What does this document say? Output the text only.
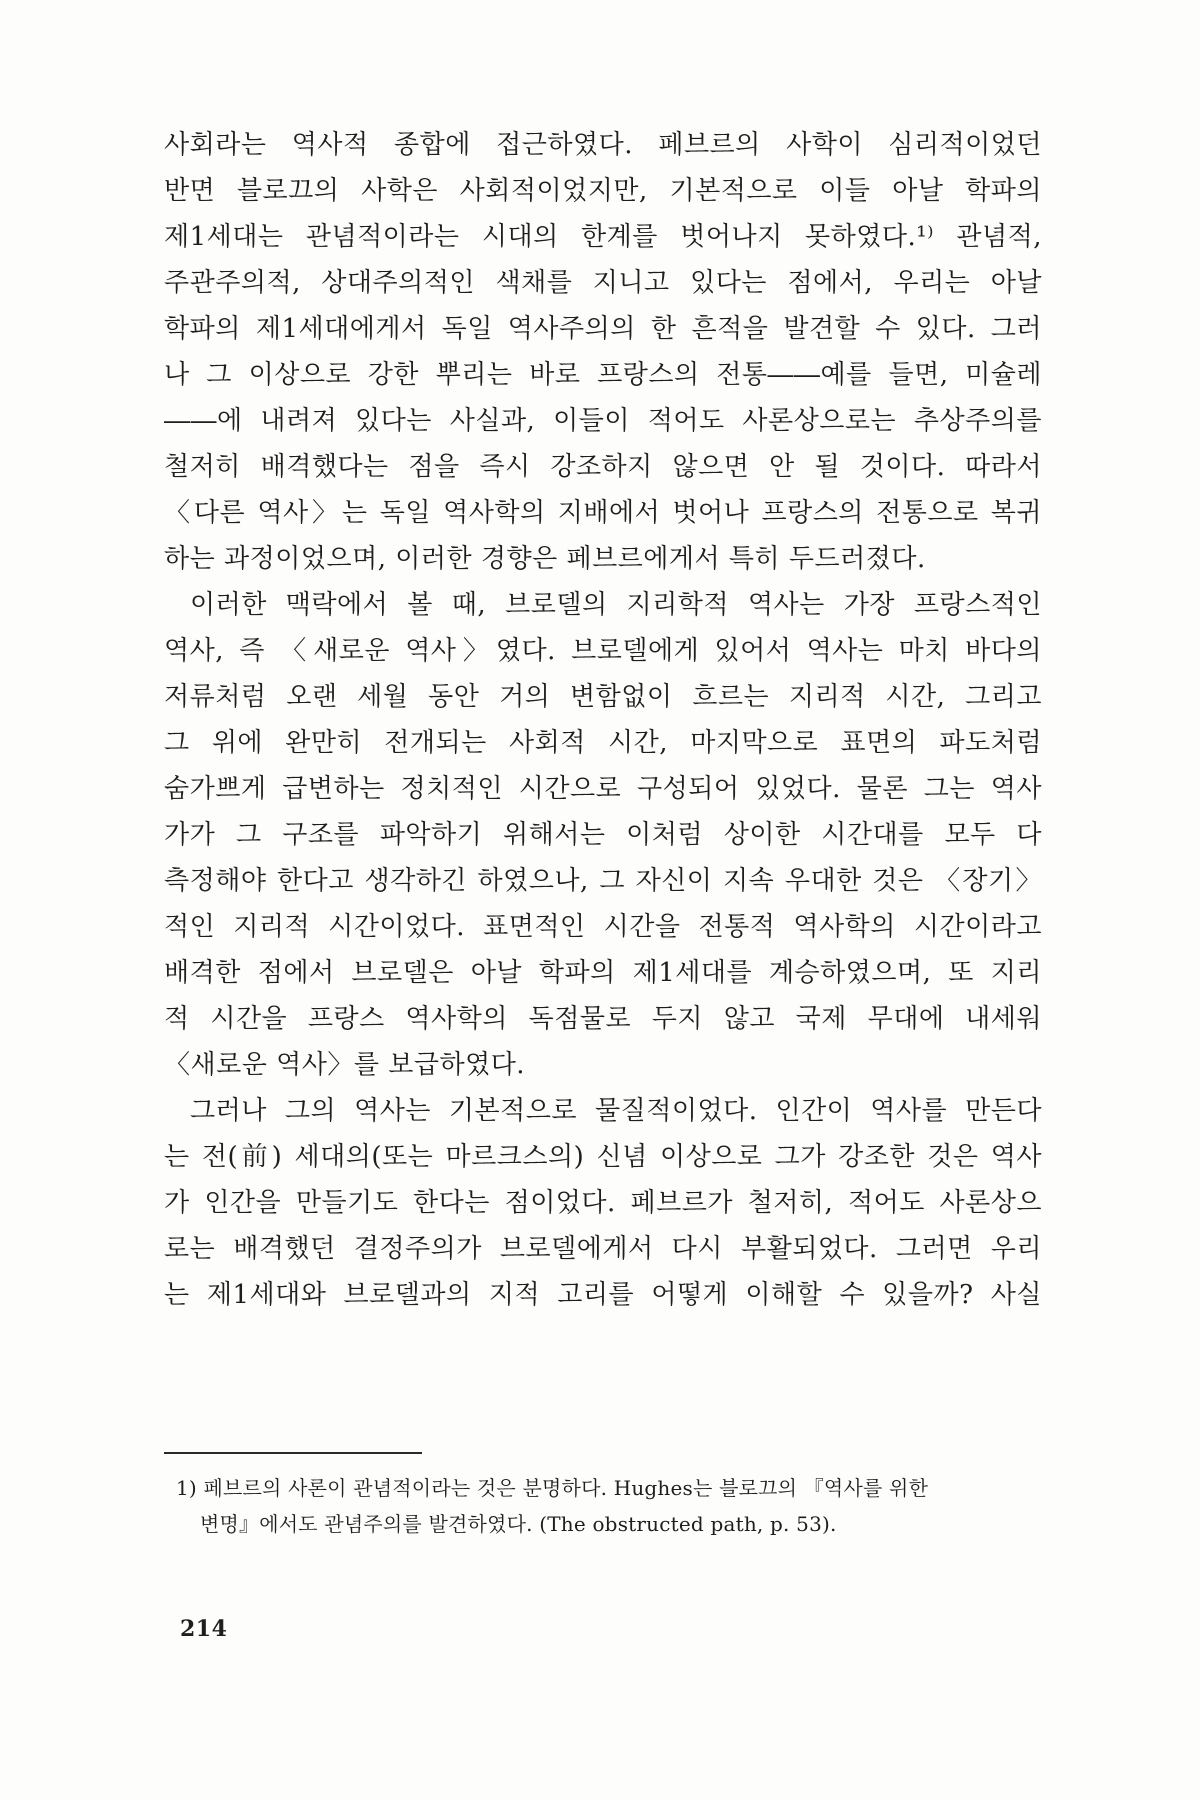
사회라는 역사적 종합에 접근하였다. 페브르의 사학이 심리적이었던
반면 블로끄의 사학은 사회적이었지만, 기본적으로 이들 아날 학파의
제1세대는 관념적이라는 시대의 한계를 벗어나지 못하였다.¹⁾ 관념적,
주관주의적, 상대주의적인 색채를 지니고 있다는 점에서, 우리는 아날
학파의 제1세대에게서 독일 역사주의의 한 흔적을 발견할 수 있다. 그러
나 그 이상으로 강한 뿌리는 바로 프랑스의 전통――예를 들면, 미슐레
――에 내려져 있다는 사실과, 이들이 적어도 사론상으로는 추상주의를
철저히 배격했다는 점을 즉시 강조하지 않으면 안 될 것이다. 따라서
〈다른 역사〉는 독일 역사학의 지배에서 벗어나 프랑스의 전통으로 복귀
하는 과정이었으며, 이러한 경향은 페브르에게서 특히 두드러졌다.
이러한 맥락에서 볼 때, 브로델의 지리학적 역사는 가장 프랑스적인
역사, 즉 〈새로운 역사〉였다. 브로델에게 있어서 역사는 마치 바다의
저류처럼 오랜 세월 동안 거의 변함없이 흐르는 지리적 시간, 그리고
그 위에 완만히 전개되는 사회적 시간, 마지막으로 표면의 파도처럼
숨가쁘게 급변하는 정치적인 시간으로 구성되어 있었다. 물론 그는 역사
가가 그 구조를 파악하기 위해서는 이처럼 상이한 시간대를 모두 다
측정해야 한다고 생각하긴 하였으나, 그 자신이 지속 우대한 것은 〈장기〉
적인 지리적 시간이었다. 표면적인 시간을 전통적 역사학의 시간이라고
배격한 점에서 브로델은 아날 학파의 제1세대를 계승하였으며, 또 지리
적 시간을 프랑스 역사학의 독점물로 두지 않고 국제 무대에 내세워
〈새로운 역사〉를 보급하였다.
그러나 그의 역사는 기본적으로 물질적이었다. 인간이 역사를 만든다
는 전(前) 세대의(또는 마르크스의) 신념 이상으로 그가 강조한 것은 역사
가 인간을 만들기도 한다는 점이었다. 페브르가 철저히, 적어도 사론상으
로는 배격했던 결정주의가 브로델에게서 다시 부활되었다. 그러면 우리
는 제1세대와 브로델과의 지적 고리를 어떻게 이해할 수 있을까? 사실
1) 페브르의 사론이 관념적이라는 것은 분명하다. Hughes는 블로끄의 『역사를 위한
변명』에서도 관념주의를 발견하였다. (The obstructed path, p. 53).
214
